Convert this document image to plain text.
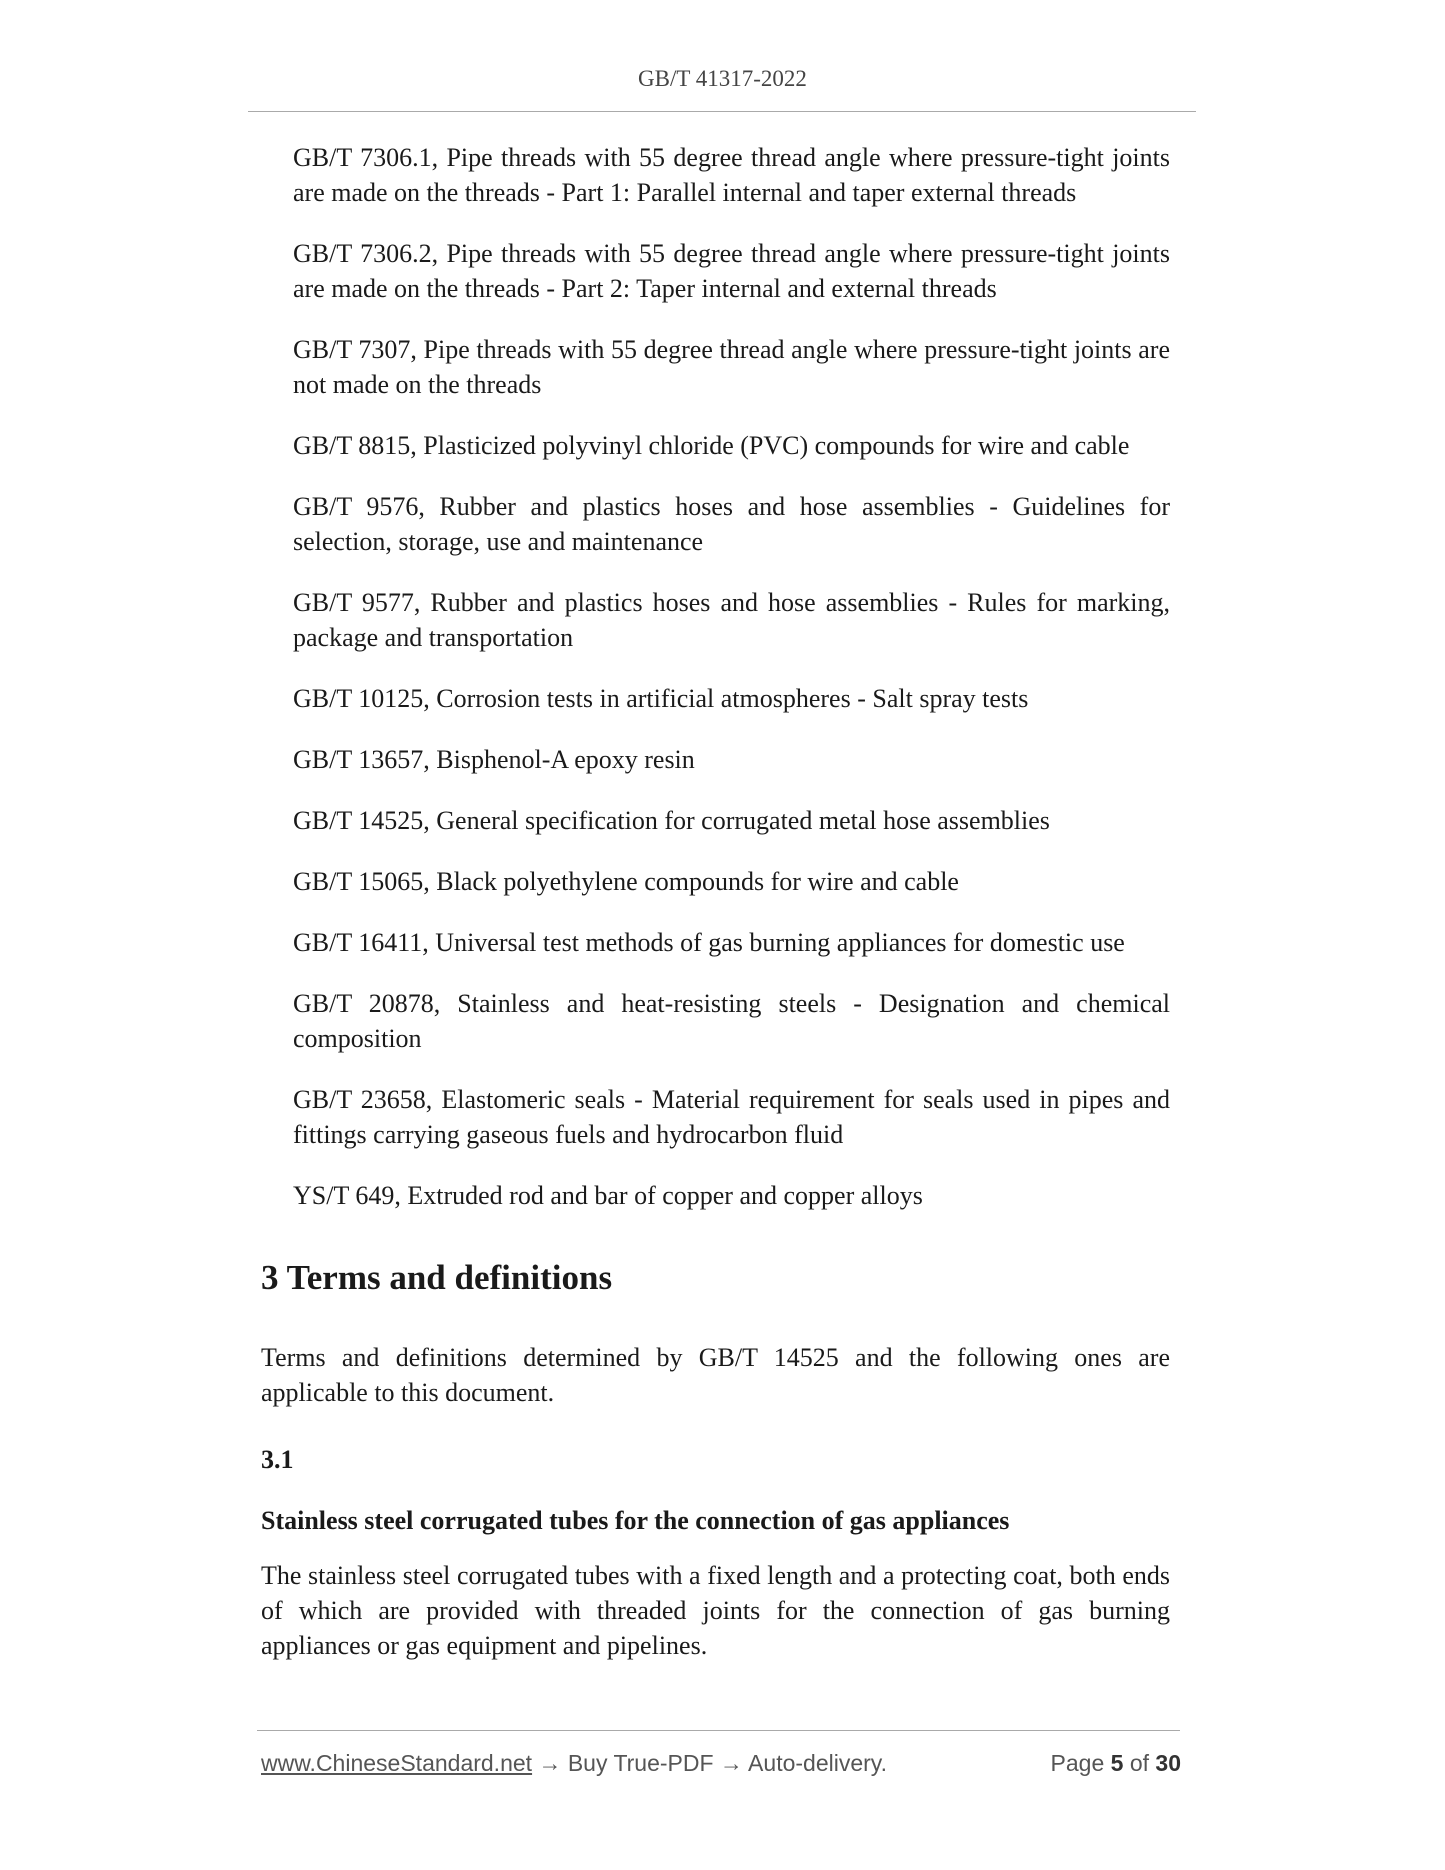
GB/T 41317-2022
GB/T 7306.1, Pipe threads with 55 degree thread angle where pressure-tight joints are made on the threads - Part 1: Parallel internal and taper external threads
GB/T 7306.2, Pipe threads with 55 degree thread angle where pressure-tight joints are made on the threads - Part 2: Taper internal and external threads
GB/T 7307, Pipe threads with 55 degree thread angle where pressure-tight joints are not made on the threads
GB/T 8815, Plasticized polyvinyl chloride (PVC) compounds for wire and cable
GB/T 9576, Rubber and plastics hoses and hose assemblies - Guidelines for selection, storage, use and maintenance
GB/T 9577, Rubber and plastics hoses and hose assemblies - Rules for marking, package and transportation
GB/T 10125, Corrosion tests in artificial atmospheres - Salt spray tests
GB/T 13657, Bisphenol-A epoxy resin
GB/T 14525, General specification for corrugated metal hose assemblies
GB/T 15065, Black polyethylene compounds for wire and cable
GB/T 16411, Universal test methods of gas burning appliances for domestic use
GB/T 20878, Stainless and heat-resisting steels - Designation and chemical composition
GB/T 23658, Elastomeric seals - Material requirement for seals used in pipes and fittings carrying gaseous fuels and hydrocarbon fluid
YS/T 649, Extruded rod and bar of copper and copper alloys
3 Terms and definitions

Terms and definitions determined by GB/T 14525 and the following ones are applicable to this document.

3.1

Stainless steel corrugated tubes for the connection of gas appliances

The stainless steel corrugated tubes with a fixed length and a protecting coat, both ends of which are provided with threaded joints for the connection of gas burning appliances or gas equipment and pipelines.

www.ChineseStandard.net → Buy True-PDF → Auto-delivery.	Page 5 of 30
